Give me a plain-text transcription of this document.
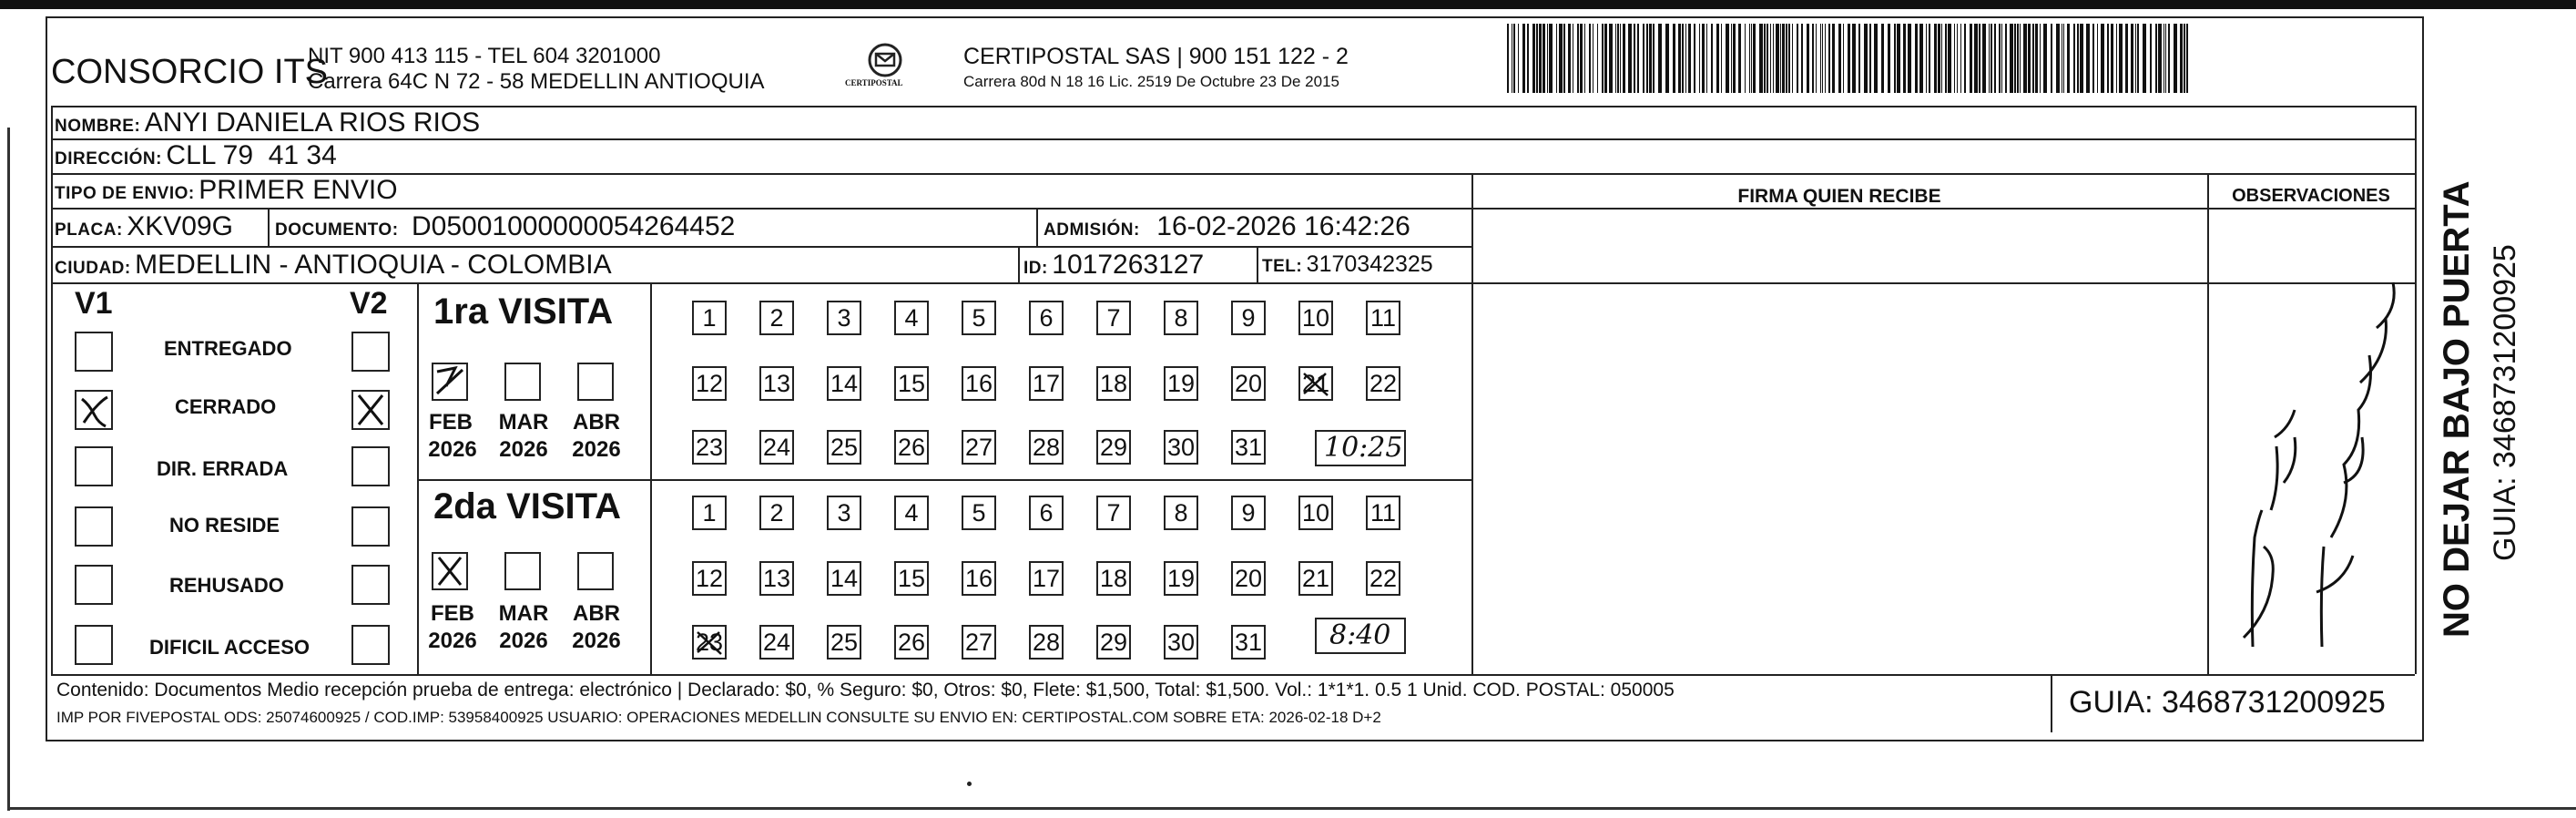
CONSORCIO ITS
NIT 900 413 115 - TEL 604 3201000
Carrera 64C N 72 - 58 MEDELLIN ANTIOQUIA	CERTIPOSTAL
CERTIPOSTAL SAS | 900 151 122 - 2
Carrera 80d N 18 16 Lic. 2519 De Octubre 23 De 2015
NOMBRE: ANYI DANIELA RIOS RIOS
DIRECCIÓN: CLL 79  41 34
TIPO DE ENVIO: PRIMER ENVIO	FIRMA QUIEN RECIBE	OBSERVACIONES
PLACA: XKV09G DOCUMENTO: D05001000000054264452	ADMISIÓN: 16-02-2026 16:42:26
CIUDAD: MEDELLIN - ANTIOQUIA - COLOMBIA	ID: 1017263127	TEL: 3170342325
V1	V2
ENTREGADO
CERRADO
DIR. ERRADA
NO RESIDE
REHUSADO
DIFICIL ACCESO
1ra VISITA
FEB MAR ABR
2026 2026 2026
1	2	3	4	5	6	7	8	9	10 11
12 13 14 15 16 17 18 19 20 21 22
23 24 25 26 27 28 29 30 31 10:25
2da VISITA
FEB MAR ABR
2026 2026 2026
1	2	3	4	5	6	7	8	9	10 11
12 13 14 15 16 17 18 19 20 21 22
23 24 25 26 27 28 29 30 31 8:40	NO DEJAR BAJO PUERTA GUIA: 3468731200925
Contenido: Documentos Medio recepción prueba de entrega: electrónico | Declarado: $0, % Seguro: $0, Otros: $0, Flete: $1,500, Total: $1,500. Vol.: 1*1*1. 0.5 1 Unid. COD. POSTAL: 050005
IMP POR FIVEPOSTAL ODS: 25074600925 / COD.IMP: 53958400925 USUARIO: OPERACIONES MEDELLIN CONSULTE SU ENVIO EN: CERTIPOSTAL.COM SOBRE ETA: 2026-02-18 D+2	GUIA: 3468731200925
